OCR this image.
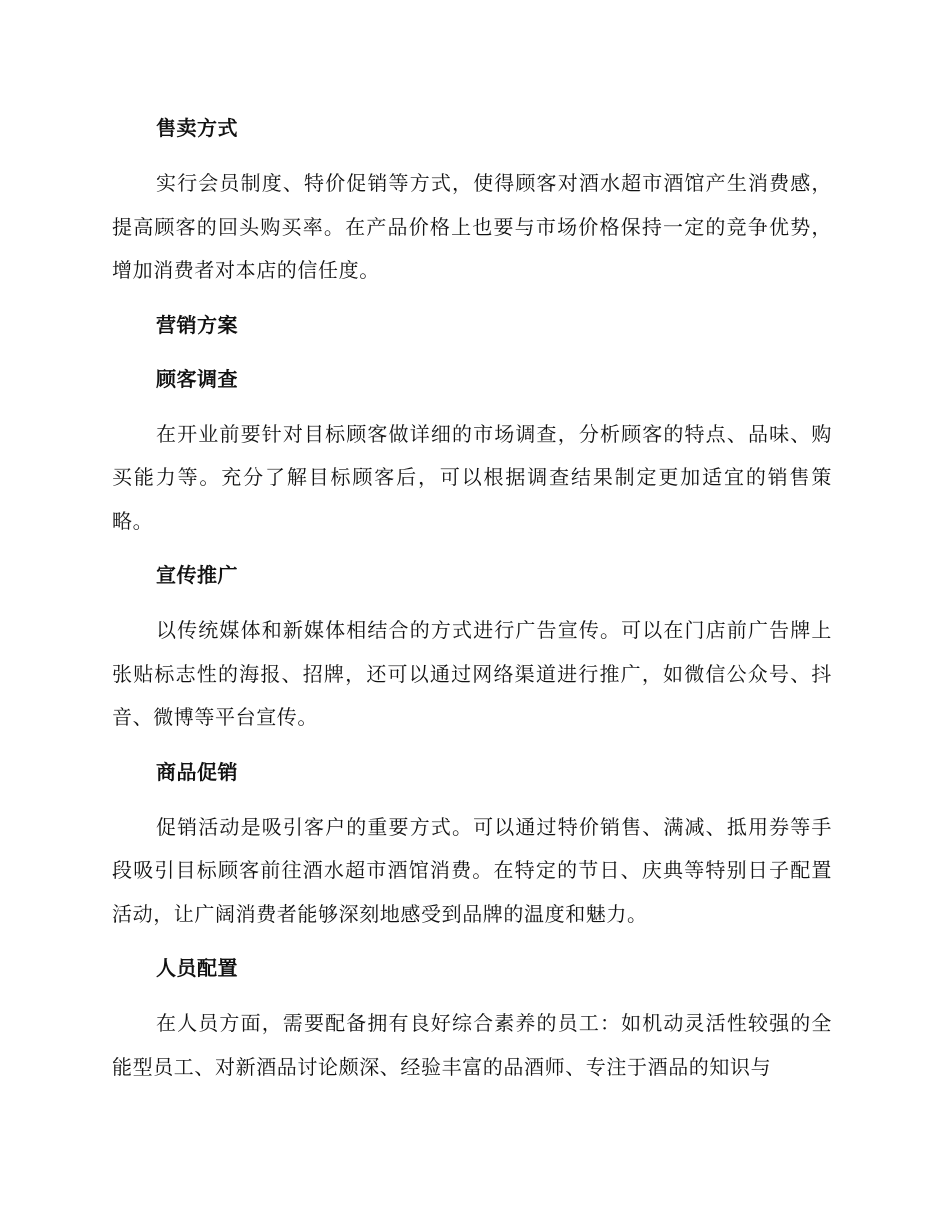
售卖方式

实行会员制度、特价促销等方式，使得顾客对酒水超市酒馆产生消费感，提高顾客的回头购买率。在产品价格上也要与市场价格保持一定的竞争优势，增加消费者对本店的信任度。

营销方案
顾客调查

在开业前要针对目标顾客做详细的市场调查，分析顾客的特点、品味、购买能力等。充分了解目标顾客后，可以根据调查结果制定更加适宜的销售策略。

宣传推广

以传统媒体和新媒体相结合的方式进行广告宣传。可以在门店前广告牌上张贴标志性的海报、招牌，还可以通过网络渠道进行推广，如微信公众号、抖音、微博等平台宣传。

商品促销

促销活动是吸引客户的重要方式。可以通过特价销售、满减、抵用券等手段吸引目标顾客前往酒水超市酒馆消费。在特定的节日、庆典等特别日子配置活动，让广阔消费者能够深刻地感受到品牌的温度和魅力。

人员配置

在人员方面，需要配备拥有良好综合素养的员工：如机动灵活性较强的全能型员工、对新酒品讨论颇深、经验丰富的品酒师、专注于酒品的知识与
